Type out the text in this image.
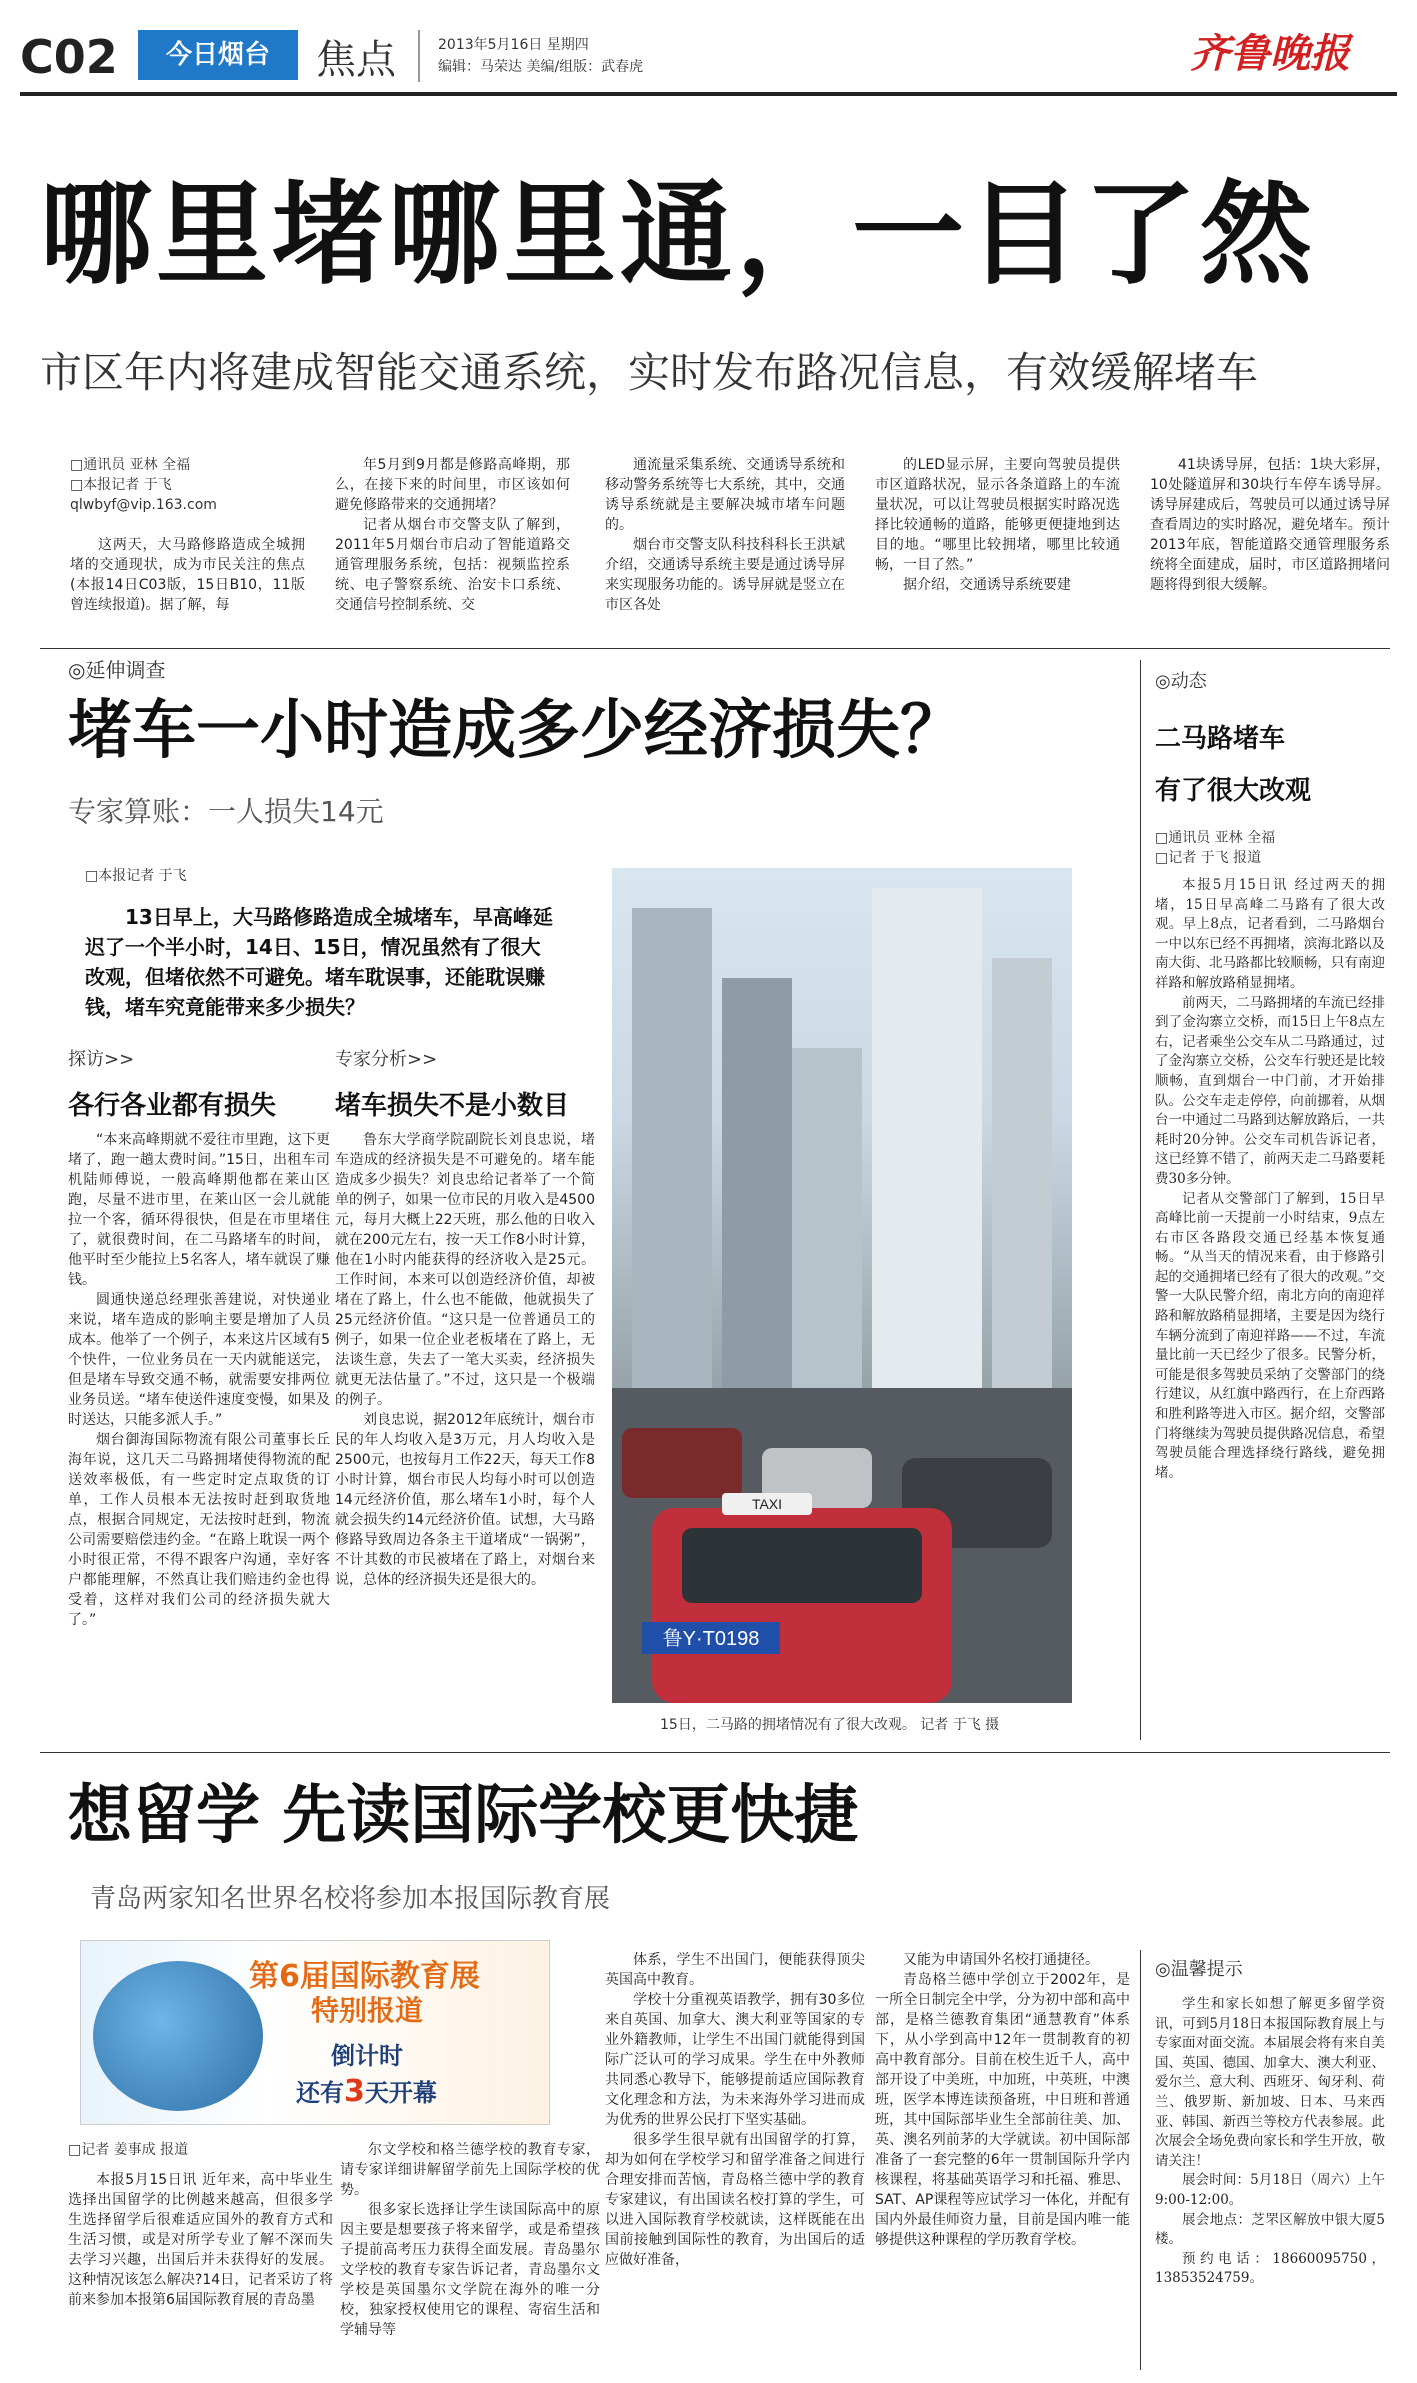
C02	今日烟台	焦点	2013年5月16日 星期四
编辑：马荣达 美编/组版：武春虎	齐鲁晚报
哪里堵哪里通，一目了然
市区年内将建成智能交通系统，实时发布路况信息，有效缓解堵车
□通讯员 亚林 全福
□本报记者 于飞
qlwbyf@vip.163.com

这两天，大马路修路造成全城拥堵的交通现状，成为市民关注的焦点(本报14日C03版，15日B10，11版曾连续报道)。据了解，每

年5月到9月都是修路高峰期，那么，在接下来的时间里，市区该如何避免修路带来的交通拥堵？

记者从烟台市交警支队了解到，2011年5月烟台市启动了智能道路交通管理服务系统，包括：视频监控系统、电子警察系统、治安卡口系统、交通信号控制系统、交

通流量采集系统、交通诱导系统和移动警务系统等七大系统，其中，交通诱导系统就是主要解决城市堵车问题的。

烟台市交警支队科技科科长王洪斌介绍，交通诱导系统主要是通过诱导屏来实现服务功能的。诱导屏就是竖立在市区各处

的LED显示屏，主要向驾驶员提供市区道路状况，显示各条道路上的车流量状况，可以让驾驶员根据实时路况选择比较通畅的道路，能够更便捷地到达目的地。“哪里比较拥堵，哪里比较通畅，一目了然。”

据介绍，交通诱导系统要建

41块诱导屏，包括：1块大彩屏，10处隧道屏和30块行车停车诱导屏。诱导屏建成后，驾驶员可以通过诱导屏查看周边的实时路况，避免堵车。预计2013年底，智能道路交通管理服务系统将全面建成，届时，市区道路拥堵问题将得到很大缓解。

◎延伸调查
堵车一小时造成多少经济损失？
专家算账：一人损失14元
□本报记者 于飞
13日早上，大马路修路造成全城堵车，早高峰延迟了一个半小时，14日、15日，情况虽然有了很大改观，但堵依然不可避免。堵车耽误事，还能耽误赚钱，堵车究竟能带来多少损失？
探访>>
各行各业都有损失

“本来高峰期就不爱往市里跑，这下更堵了，跑一趟太费时间。”15日，出租车司机陆师傅说，一般高峰期他都在莱山区跑，尽量不进市里，在莱山区一会儿就能拉一个客，循环得很快，但是在市里堵住了，就很费时间，在二马路堵车的时间，他平时至少能拉上5名客人，堵车就误了赚钱。

圆通快递总经理张善建说，对快递业来说，堵车造成的影响主要是增加了人员成本。他举了一个例子，本来这片区域有5个快件，一位业务员在一天内就能送完，但是堵车导致交通不畅，就需要安排两位业务员送。“堵车使送件速度变慢，如果及时送达，只能多派人手。”

烟台御海国际物流有限公司董事长丘海年说，这几天二马路拥堵使得物流的配送效率极低，有一些定时定点取货的订单，工作人员根本无法按时赶到取货地点，根据合同规定，无法按时赶到，物流公司需要赔偿违约金。“在路上耽误一两个小时很正常，不得不跟客户沟通，幸好客户都能理解，不然真让我们赔违约金也得受着，这样对我们公司的经济损失就大了。”

专家分析>>
堵车损失不是小数目

鲁东大学商学院副院长刘良忠说，堵车造成的经济损失是不可避免的。堵车能造成多少损失？刘良忠给记者举了一个简单的例子，如果一位市民的月收入是4500元，每月大概上22天班，那么他的日收入就在200元左右，按一天工作8小时计算，他在1小时内能获得的经济收入是25元。工作时间，本来可以创造经济价值，却被堵在了路上，什么也不能做，他就损失了25元经济价值。“这只是一位普通员工的例子，如果一位企业老板堵在了路上，无法谈生意，失去了一笔大买卖，经济损失就更无法估量了。”不过，这只是一个极端的例子。

刘良忠说，据2012年底统计，烟台市民的年人均收入是3万元，月人均收入是2500元，也按每月工作22天，每天工作8小时计算，烟台市民人均每小时可以创造14元经济价值，那么堵车1小时，每个人就会损失约14元经济价值。试想，大马路修路导致周边各条主干道堵成“一锅粥”，不计其数的市民被堵在了路上，对烟台来说，总体的经济损失还是很大的。

TAXI
鲁Y·T0198
15日，二马路的拥堵情况有了很大改观。 记者 于飞 摄
◎动态
二马路堵车
有了很大改观
□通讯员 亚林 全福
□记者 于飞 报道

本报5月15日讯 经过两天的拥堵，15日早高峰二马路有了很大改观。早上8点，记者看到，二马路烟台一中以东已经不再拥堵，滨海北路以及南大街、北马路都比较顺畅，只有南迎祥路和解放路稍显拥堵。

前两天，二马路拥堵的车流已经排到了金沟寨立交桥，而15日上午8点左右，记者乘坐公交车从二马路通过，过了金沟寨立交桥，公交车行驶还是比较顺畅，直到烟台一中门前，才开始排队。公交车走走停停，向前挪着，从烟台一中通过二马路到达解放路后，一共耗时20分钟。公交车司机告诉记者，这已经算不错了，前两天走二马路要耗费30多分钟。

记者从交警部门了解到，15日早高峰比前一天提前一小时结束，9点左右市区各路段交通已经基本恢复通畅。“从当天的情况来看，由于修路引起的交通拥堵已经有了很大的改观。”交警一大队民警介绍，南北方向的南迎祥路和解放路稍显拥堵，主要是因为绕行车辆分流到了南迎祥路——不过，车流量比前一天已经少了很多。民警分析，可能是很多驾驶员采纳了交警部门的绕行建议，从红旗中路西行，在上夼西路和胜利路等进入市区。据介绍，交警部门将继续为驾驶员提供路况信息，希望驾驶员能合理选择绕行路线，避免拥堵。

想留学 先读国际学校更快捷
青岛两家知名世界名校将参加本报国际教育展
第6届国际教育展
特别报道
倒计时
还有3天开幕
□记者 姜事成 报道

本报5月15日讯 近年来，高中毕业生选择出国留学的比例越来越高，但很多学生选择留学后很难适应国外的教育方式和生活习惯，或是对所学专业了解不深而失去学习兴趣，出国后并未获得好的发展。这种情况该怎么解决?14日，记者采访了将前来参加本报第6届国际教育展的青岛墨

尔文学校和格兰德学校的教育专家，请专家详细讲解留学前先上国际学校的优势。

很多家长选择让学生读国际高中的原因主要是想要孩子将来留学，或是希望孩子提前高考压力获得全面发展。青岛墨尔文学校的教育专家告诉记者，青岛墨尔文学校是英国墨尔文学院在海外的唯一分校，独家授权使用它的课程、寄宿生活和学辅导等

体系，学生不出国门，便能获得顶尖英国高中教育。

学校十分重视英语教学，拥有30多位来自英国、加拿大、澳大利亚等国家的专业外籍教师，让学生不出国门就能得到国际广泛认可的学习成果。学生在中外教师共同悉心教导下，能够提前适应国际教育文化理念和方法，为未来海外学习进而成为优秀的世界公民打下坚实基础。

很多学生很早就有出国留学的打算，却为如何在学校学习和留学准备之间进行合理安排而苦恼，青岛格兰德中学的教育专家建议，有出国读名校打算的学生，可以进入国际教育学校就读，这样既能在出国前接触到国际性的教育，为出国后的适应做好准备，

又能为申请国外名校打通捷径。

青岛格兰德中学创立于2002年，是一所全日制完全中学，分为初中部和高中部，是格兰德教育集团“通慧教育”体系下，从小学到高中12年一贯制教育的初高中教育部分。目前在校生近千人，高中部开设了中美班，中加班，中英班，中澳班，医学本博连读预备班，中日班和普通班，其中国际部毕业生全部前往美、加、英、澳名列前茅的大学就读。初中国际部准备了一套完整的6年一贯制国际升学内核课程，将基础英语学习和托福、雅思、SAT、AP课程等应试学习一体化，并配有国内外最佳师资力量，目前是国内唯一能够提供这种课程的学历教育学校。

◎温馨提示

学生和家长如想了解更多留学资讯，可到5月18日本报国际教育展上与专家面对面交流。本届展会将有来自美国、英国、德国、加拿大、澳大利亚、爱尔兰、意大利、西班牙、匈牙利、荷兰、俄罗斯、新加坡、日本、马来西亚、韩国、新西兰等校方代表参展。此次展会全场免费向家长和学生开放，敬请关注！

展会时间：5月18日（周六）上午9:00-12:00。

展会地点：芝罘区解放中银大厦5楼。

预约电话：18660095750，13853524759。
